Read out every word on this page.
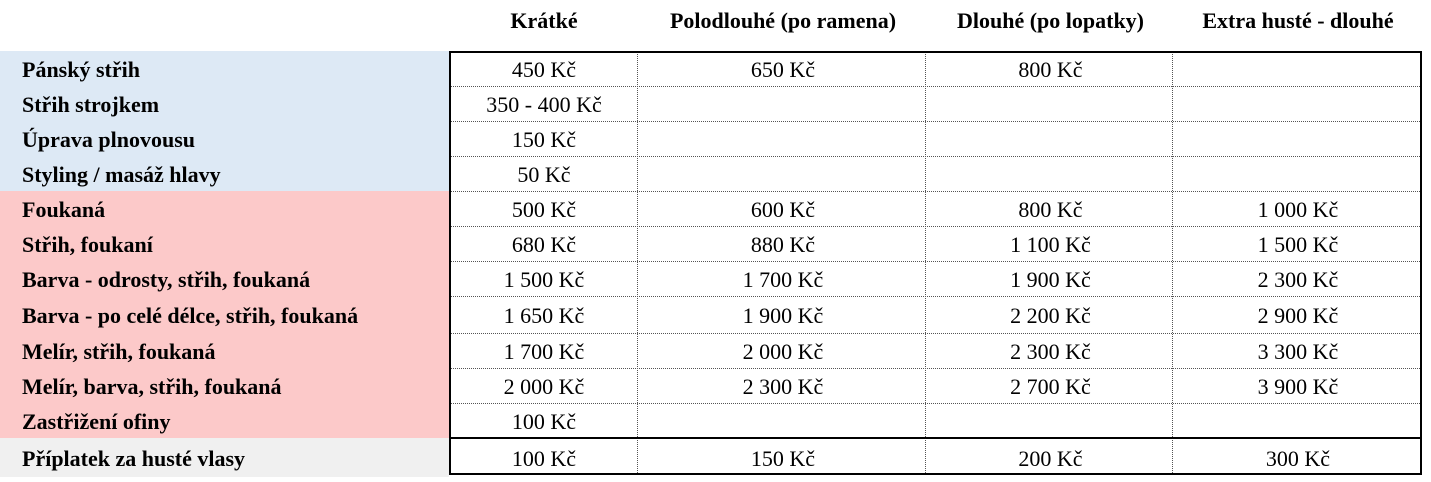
Krátké	Polodlouhé (po ramena)	Dlouhé (po lopatky)	Extra husté - dlouhé
Pánský střih	450 Kč	650 Kč	800 Kč
Střih strojkem	350 - 400 Kč
Úprava plnovousu	150 Kč
Styling / masáž hlavy	50 Kč
Foukaná	500 Kč	600 Kč	800 Kč	1 000 Kč
Střih, foukaní	680 Kč	880 Kč	1 100 Kč	1 500 Kč
Barva - odrosty, střih, foukaná	1 500 Kč	1 700 Kč	1 900 Kč	2 300 Kč
Barva - po celé délce, střih, foukaná	1 650 Kč	1 900 Kč	2 200 Kč	2 900 Kč
Melír, střih, foukaná	1 700 Kč	2 000 Kč	2 300 Kč	3 300 Kč
Melír, barva, střih, foukaná	2 000 Kč	2 300 Kč	2 700 Kč	3 900 Kč
Zastřižení ofiny	100 Kč
Příplatek za husté vlasy	100 Kč	150 Kč	200 Kč	300 Kč
